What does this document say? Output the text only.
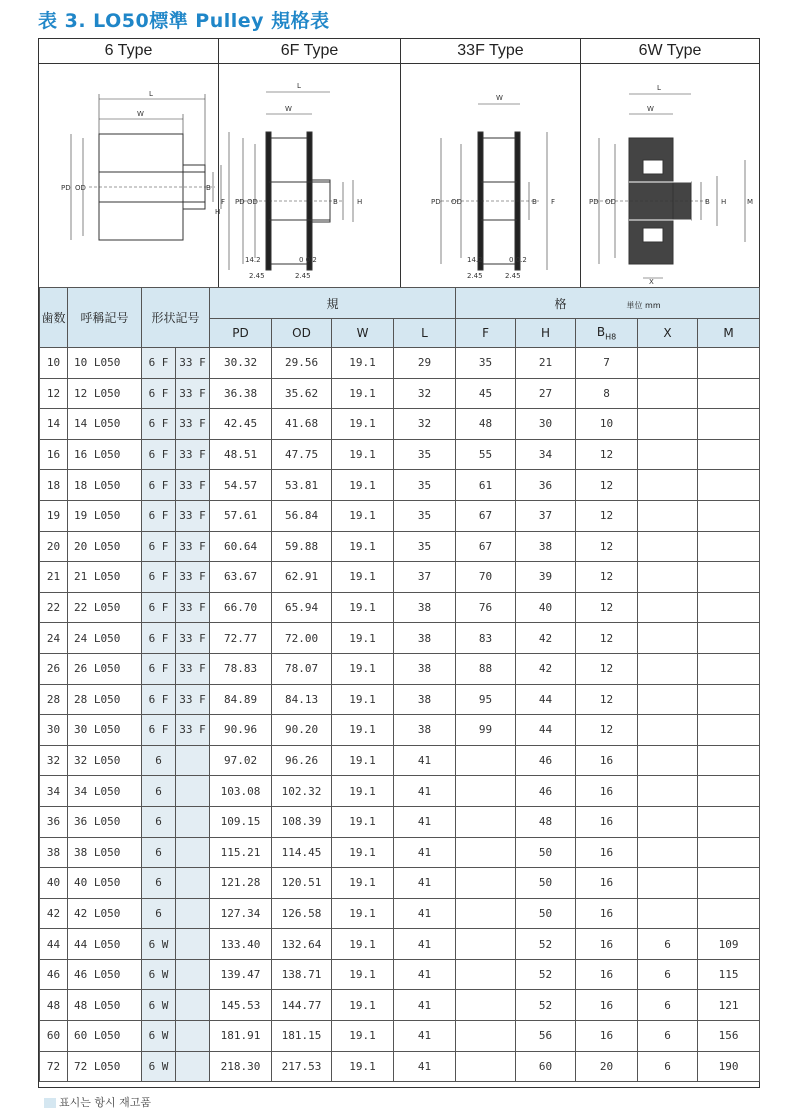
表 3. LO50標準 Pulley 規格表
6 Type
L
W
PD OD	B
H
6F Type
L
W
F PD OD	B	H
14.2	0 0.2
2.45	2.45
33F Type
W
PD OD	B F
14.2	0 0.2
2.45	2.45
6W Type
L
W
PD OD	B H	M
X
歯数	呼稱記号	形状記号		規				格 単位 mm				
				PD	OD	W	L	F	H	$B_{H8}$	X	M
10	10 L050	6 F	33 F	30.32	29.56	19.1	29	35	21	7		
12	12 L050	6 F	33 F	36.38	35.62	19.1	32	45	27	8		
14	14 L050	6 F	33 F	42.45	41.68	19.1	32	48	30	10		
16	16 L050	6 F	33 F	48.51	47.75	19.1	35	55	34	12		
18	18 L050	6 F	33 F	54.57	53.81	19.1	35	61	36	12		
19	19 L050	6 F	33 F	57.61	56.84	19.1	35	67	37	12		
20	20 L050	6 F	33 F	60.64	59.88	19.1	35	67	38	12		
21	21 L050	6 F	33 F	63.67	62.91	19.1	37	70	39	12		
22	22 L050	6 F	33 F	66.70	65.94	19.1	38	76	40	12		
24	24 L050	6 F	33 F	72.77	72.00	19.1	38	83	42	12		
26	26 L050	6 F	33 F	78.83	78.07	19.1	38	88	42	12		
28	28 L050	6 F	33 F	84.89	84.13	19.1	38	95	44	12		
30	30 L050	6 F	33 F	90.96	90.20	19.1	38	99	44	12		
32	32 L050	6		97.02	96.26	19.1	41		46	16		
34	34 L050	6		103.08	102.32	19.1	41		46	16		
36	36 L050	6		109.15	108.39	19.1	41		48	16		
38	38 L050	6		115.21	114.45	19.1	41		50	16		
40	40 L050	6		121.28	120.51	19.1	41		50	16		
42	42 L050	6		127.34	126.58	19.1	41		50	16		
44	44 L050	6 W		133.40	132.64	19.1	41		52	16	6	109
46	46 L050	6 W		139.47	138.71	19.1	41		52	16	6	115
48	48 L050	6 W		145.53	144.77	19.1	41		52	16	6	121
60	60 L050	6 W		181.91	181.15	19.1	41		56	16	6	156
72	72 L050	6 W		218.30	217.53	19.1	41		60	20	6	190
표시는 항시 재고품
